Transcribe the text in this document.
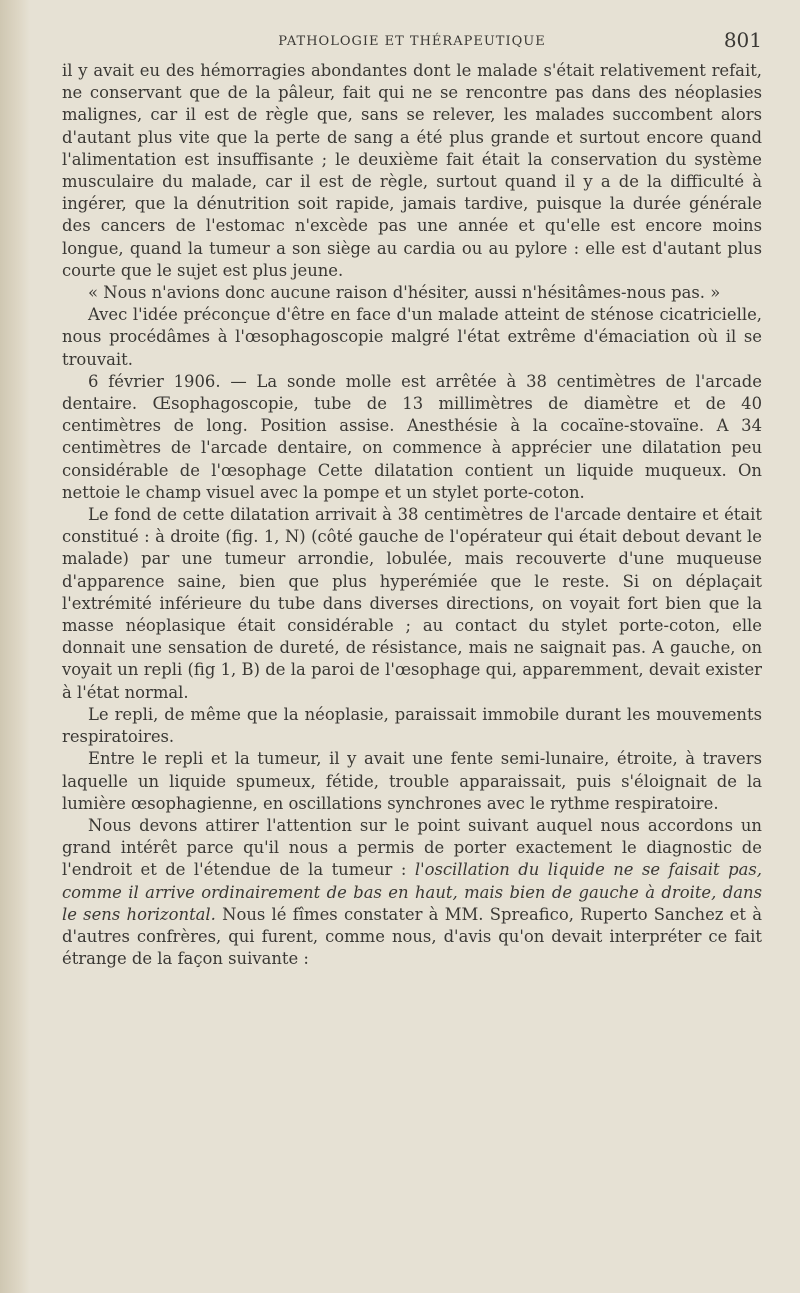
PATHOLOGIE ET THÉRAPEUTIQUE	801

il y avait eu des hémorragies abondantes dont le malade s'était relativement refait, ne conservant que de la pâleur, fait qui ne se rencontre pas dans des néoplasies malignes, car il est de règle que, sans se relever, les malades succombent alors d'autant plus vite que la perte de sang a été plus grande et surtout encore quand l'alimentation est insuffisante ; le deuxième fait était la conservation du système musculaire du malade, car il est de règle, surtout quand il y a de la difficulté à ingérer, que la dénutrition soit rapide, jamais tardive, puisque la durée générale des cancers de l'estomac n'excède pas une année et qu'elle est encore moins longue, quand la tumeur a son siège au cardia ou au pylore : elle est d'autant plus courte que le sujet est plus jeune.

« Nous n'avions donc aucune raison d'hésiter, aussi n'hésitâmes-nous pas. »

Avec l'idée préconçue d'être en face d'un malade atteint de sténose cicatricielle, nous procédâmes à l'œsophagoscopie malgré l'état extrême d'émaciation où il se trouvait.

6 février 1906. — La sonde molle est arrêtée à 38 centimètres de l'arcade dentaire. Œsophagoscopie, tube de 13 millimètres de diamètre et de 40 centimètres de long. Position assise. Anesthésie à la cocaïne-stovaïne. A 34 centimètres de l'arcade dentaire, on commence à apprécier une dilatation peu considérable de l'œsophage Cette dilatation contient un liquide muqueux. On nettoie le champ visuel avec la pompe et un stylet porte-coton.

Le fond de cette dilatation arrivait à 38 centimètres de l'arcade dentaire et était constitué : à droite (fig. 1, N) (côté gauche de l'opérateur qui était debout devant le malade) par une tumeur arrondie, lobulée, mais recouverte d'une muqueuse d'apparence saine, bien que plus hyperémiée que le reste. Si on déplaçait l'extrémité inférieure du tube dans diverses directions, on voyait fort bien que la masse néoplasique était considérable ; au contact du stylet porte-coton, elle donnait une sensation de dureté, de résistance, mais ne saignait pas. A gauche, on voyait un repli (fig 1, B) de la paroi de l'œsophage qui, apparemment, devait exister à l'état normal.

Le repli, de même que la néoplasie, paraissait immobile durant les mouvements respiratoires.

Entre le repli et la tumeur, il y avait une fente semi-lunaire, étroite, à travers laquelle un liquide spumeux, fétide, trouble apparaissait, puis s'éloignait de la lumière œsophagienne, en oscillations synchrones avec le rythme respiratoire.

Nous devons attirer l'attention sur le point suivant auquel nous accordons un grand intérêt parce qu'il nous a permis de porter exactement le diagnostic de l'endroit et de l'étendue de la tumeur : l'oscillation du liquide ne se faisait pas, comme il arrive ordinairement de bas en haut, mais bien de gauche à droite, dans le sens horizontal. Nous lé fîmes constater à MM. Spreafico, Ruperto Sanchez et à d'autres confrères, qui furent, comme nous, d'avis qu'on devait interpréter ce fait étrange de la façon suivante :
